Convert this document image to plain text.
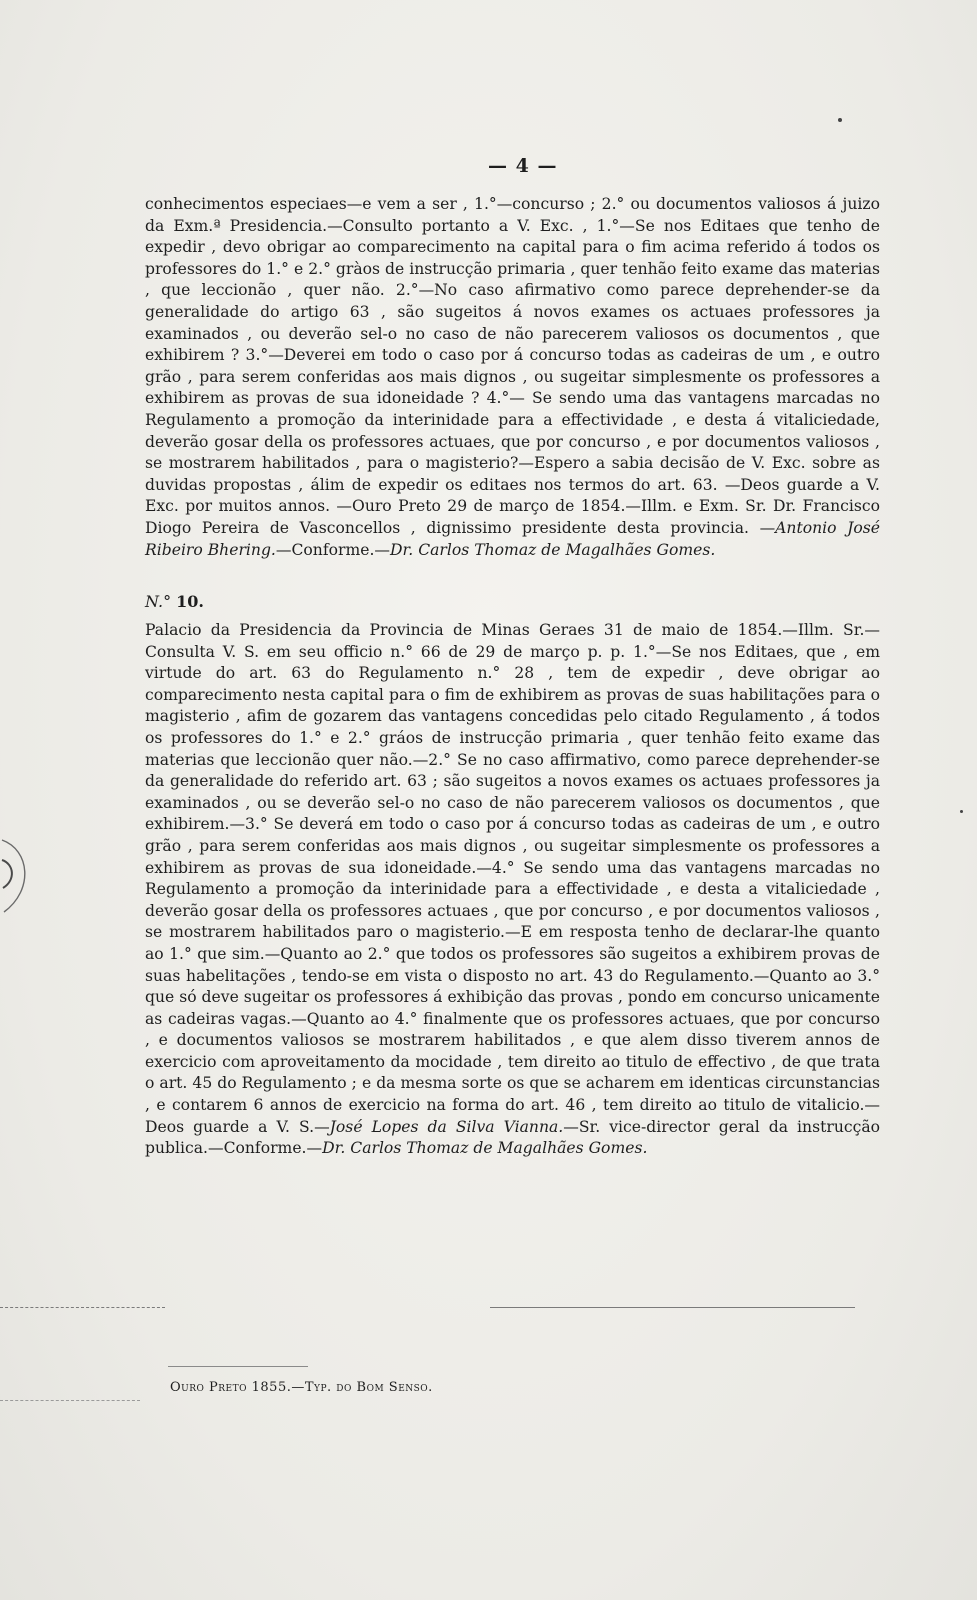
— 4 —

conhecimentos especiaes—e vem a ser , 1.°—concurso ; 2.° ou documentos valiosos á juizo da Exm.ª Presidencia.—Consulto portanto a V. Exc. , 1.°—Se nos Editaes que tenho de expedir , devo obrigar ao comparecimento na capital para o fim acima referido á todos os professores do 1.° e 2.° gràos de instrucção primaria , quer tenhão feito exame das materias , que leccionão , quer não. 2.°—No caso afirmativo como parece deprehender-se da generalidade do artigo 63 , são sugeitos á novos exames os actuaes professores ja examinados , ou deverão sel-o no caso de não parecerem valiosos os documentos , que exhibirem ? 3.°—Deverei em todo o caso por á concurso todas as cadeiras de um , e outro grão , para serem conferidas aos mais dignos , ou sugeitar simplesmente os professores a exhibirem as provas de sua idoneidade ? 4.°— Se sendo uma das vantagens marcadas no Regulamento a promoção da interinidade para a effectividade , e desta á vitaliciedade, deverão gosar della os professores actuaes, que por concurso , e por documentos valiosos , se mostrarem habilitados , para o magisterio?—Espero a sabia decisão de V. Exc. sobre as duvidas propostas , álim de expedir os editaes nos termos do art. 63. —Deos guarde a V. Exc. por muitos annos. —Ouro Preto 29 de março de 1854.—Illm. e Exm. Sr. Dr. Francisco Diogo Pereira de Vasconcellos , dignissimo presidente desta provincia. —Antonio José Ribeiro Bhering.—Conforme.—Dr. Carlos Thomaz de Magalhães Gomes.

N.° 10.

Palacio da Presidencia da Provincia de Minas Geraes 31 de maio de 1854.—Illm. Sr.—Consulta V. S. em seu officio n.° 66 de 29 de março p. p. 1.°—Se nos Editaes, que , em virtude do art. 63 do Regulamento n.° 28 , tem de expedir , deve obrigar ao comparecimento nesta capital para o fim de exhibirem as provas de suas habilitações para o magisterio , afim de gozarem das vantagens concedidas pelo citado Regulamento , á todos os professores do 1.° e 2.° gráos de instrucção primaria , quer tenhão feito exame das materias que leccionão quer não.—2.° Se no caso affirmativo, como parece deprehender-se da generalidade do referido art. 63 ; são sugeitos a novos exames os actuaes professores ja examinados , ou se deverão sel-o no caso de não parecerem valiosos os documentos , que exhibirem.—3.° Se deverá em todo o caso por á concurso todas as cadeiras de um , e outro grão , para serem conferidas aos mais dignos , ou sugeitar simplesmente os professores a exhibirem as provas de sua idoneidade.—4.° Se sendo uma das vantagens marcadas no Regulamento a promoção da interinidade para a effectividade , e desta a vitaliciedade , deverão gosar della os professores actuaes , que por concurso , e por documentos valiosos , se mostrarem habilitados paro o magisterio.—E em resposta tenho de declarar-lhe quanto ao 1.° que sim.—Quanto ao 2.° que todos os professores são sugeitos a exhibirem provas de suas habelitações , tendo-se em vista o disposto no art. 43 do Regulamento.—Quanto ao 3.° que só deve sugeitar os professores á exhibição das provas , pondo em concurso unicamente as cadeiras vagas.—Quanto ao 4.° finalmente que os professores actuaes, que por concurso , e documentos valiosos se mostrarem habilitados , e que alem disso tiverem annos de exercicio com aproveitamento da mocidade , tem direito ao titulo de effectivo , de que trata o art. 45 do Regulamento ; e da mesma sorte os que se acharem em identicas circunstancias , e contarem 6 annos de exercicio na forma do art. 46 , tem direito ao titulo de vitalicio.—Deos guarde a V. S.—José Lopes da Silva Vianna.—Sr. vice-director geral da instrucção publica.—Conforme.—Dr. Carlos Thomaz de Magalhães Gomes.

Ouro Preto 1855.—Typ. do Bom Senso.
